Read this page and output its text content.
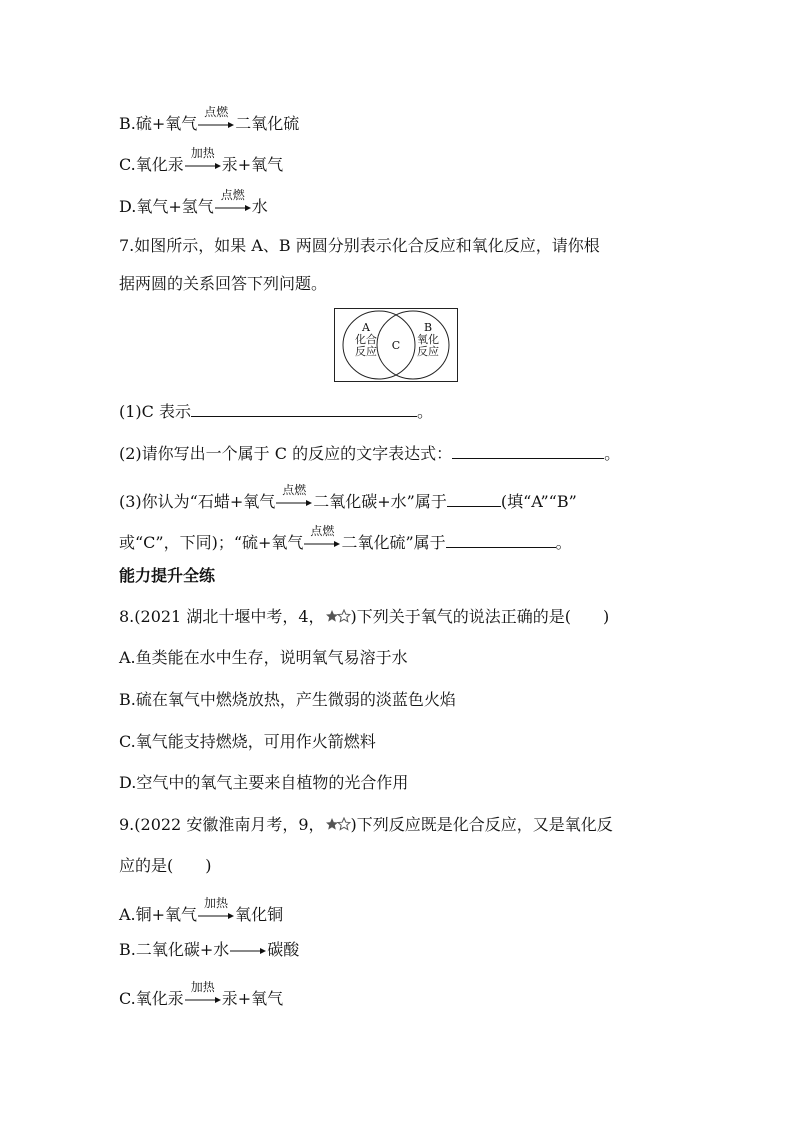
B.硫+氧气
点燃
二氧化硫
C.氧化汞
加热
汞+氧气
D.氧气+氢气
点燃
水
7.如图所示，如果 A、B 两圆分别表示化合反应和氧化反应，请你根
据两圆的关系回答下列问题。
A
化合
反应	C
B
氧化
反应
(1)C 表示	。
(2)请你写出一个属于 C 的反应的文字表达式：	。
(3)你认为“石蜡+氧气
点燃
二氧化碳+水”属于	(填“A”“B”
或“C”，下同)；“硫+氧气
点燃
二氧化硫”属于	。
能力提升全练
8.(2021 湖北十堰中考，4， )下列关于氧气的说法正确的是(　　)
A.鱼类能在水中生存，说明氧气易溶于水
B.硫在氧气中燃烧放热，产生微弱的淡蓝色火焰
C.氧气能支持燃烧，可用作火箭燃料
D.空气中的氧气主要来自植物的光合作用
9.(2022 安徽淮南月考，9， )下列反应既是化合反应，又是氧化反
应的是(　　)
A.铜+氧气
加热
氧化铜
B.二氧化碳+水→碳酸
C.氧化汞
加热
汞+氧气
